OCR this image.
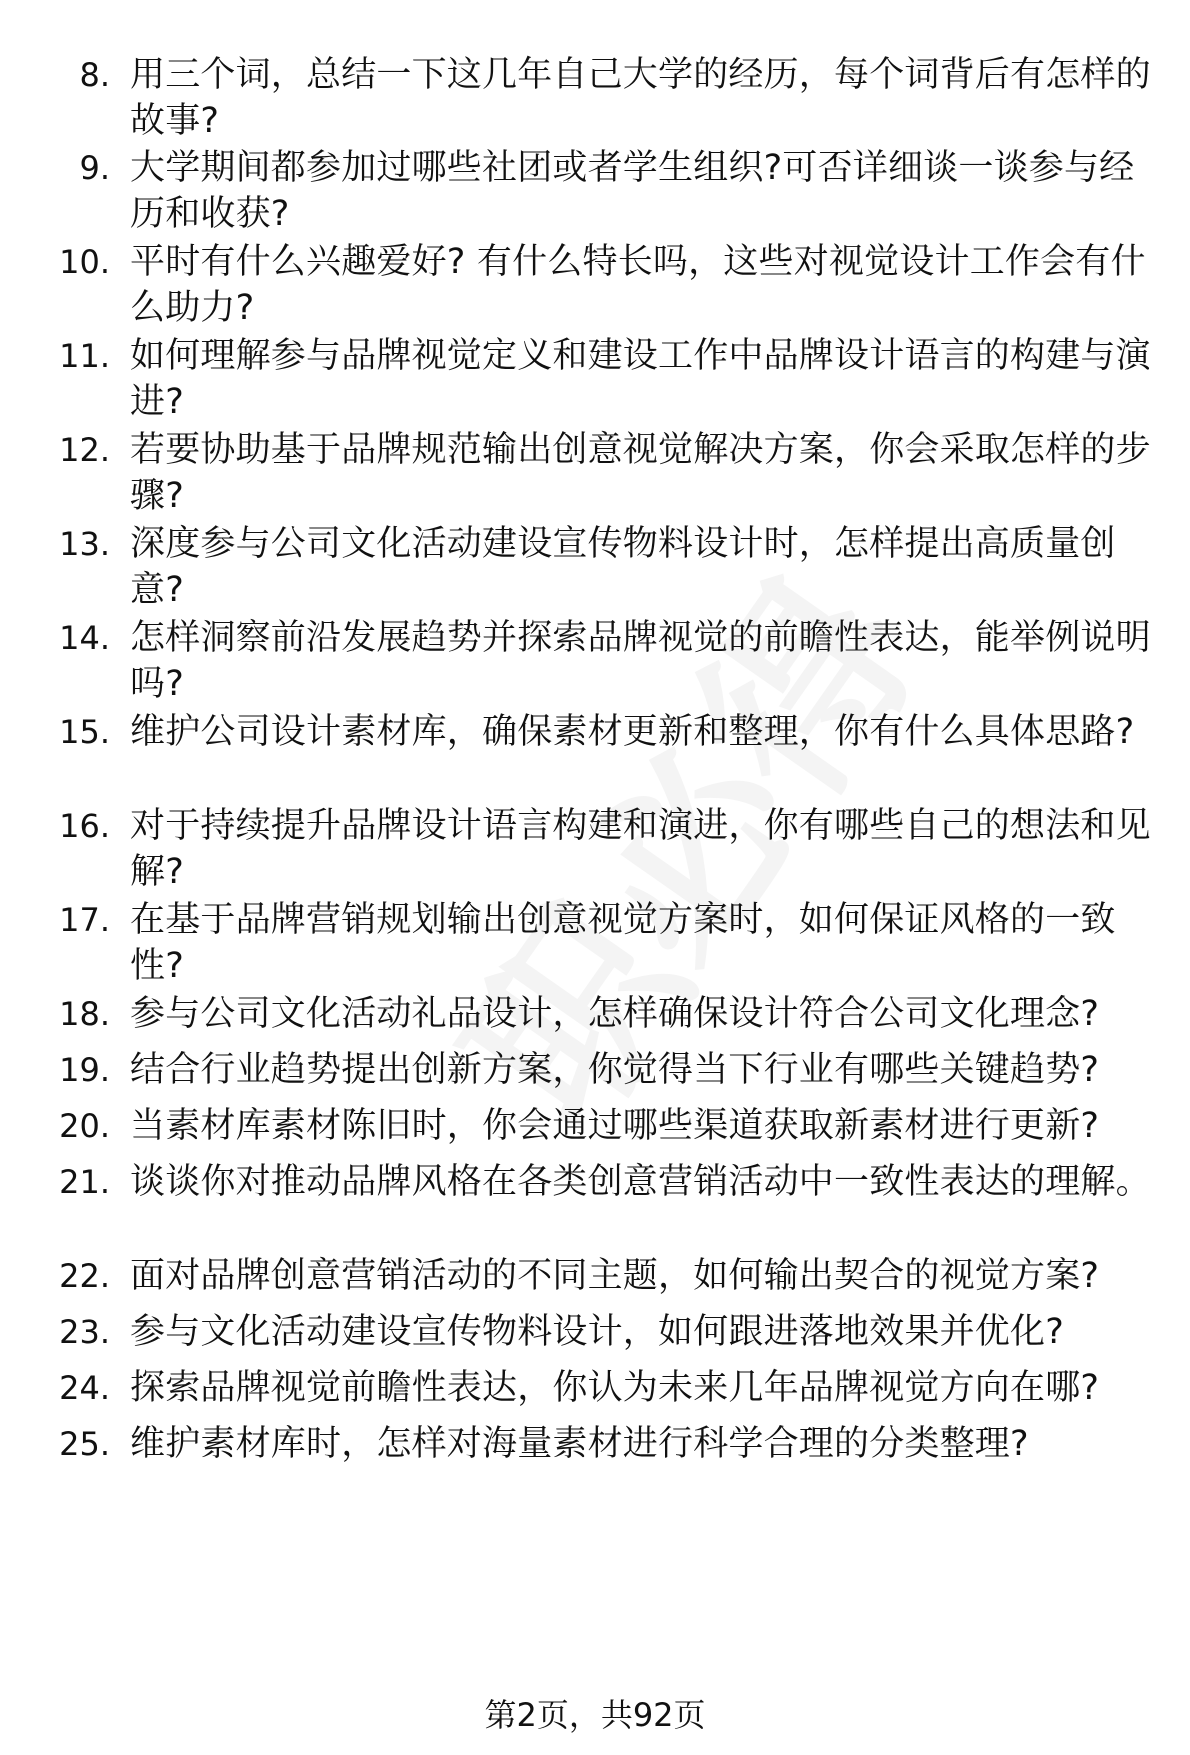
8. 用三个词，总结一下这几年自己大学的经历，每个词背后有怎样的故事?
9. 大学期间都参加过哪些社团或者学生组织?可否详细谈一谈参与经历和收获?
10. 平时有什么兴趣爱好? 有什么特长吗，这些对视觉设计工作会有什么助力?
11. 如何理解参与品牌视觉定义和建设工作中品牌设计语言的构建与演进?
12. 若要协助基于品牌规范输出创意视觉解决方案，你会采取怎样的步骤?
13. 深度参与公司文化活动建设宣传物料设计时，怎样提出高质量创意?
14. 怎样洞察前沿发展趋势并探索品牌视觉的前瞻性表达，能举例说明吗?
15. 维护公司设计素材库，确保素材更新和整理，你有什么具体思路?
16. 对于持续提升品牌设计语言构建和演进，你有哪些自己的想法和见解?
17. 在基于品牌营销规划输出创意视觉方案时，如何保证风格的一致性?
18. 参与公司文化活动礼品设计，怎样确保设计符合公司文化理念?
19. 结合行业趋势提出创新方案，你觉得当下行业有哪些关键趋势?
20. 当素材库素材陈旧时，你会通过哪些渠道获取新素材进行更新?
21. 谈谈你对推动品牌风格在各类创意营销活动中一致性表达的理解。
22. 面对品牌创意营销活动的不同主题，如何输出契合的视觉方案?
23. 参与文化活动建设宣传物料设计，如何跟进落地效果并优化?
24. 探索品牌视觉前瞻性表达，你认为未来几年品牌视觉方向在哪?
25. 维护素材库时，怎样对海量素材进行科学合理的分类整理?
第2页，共92页
